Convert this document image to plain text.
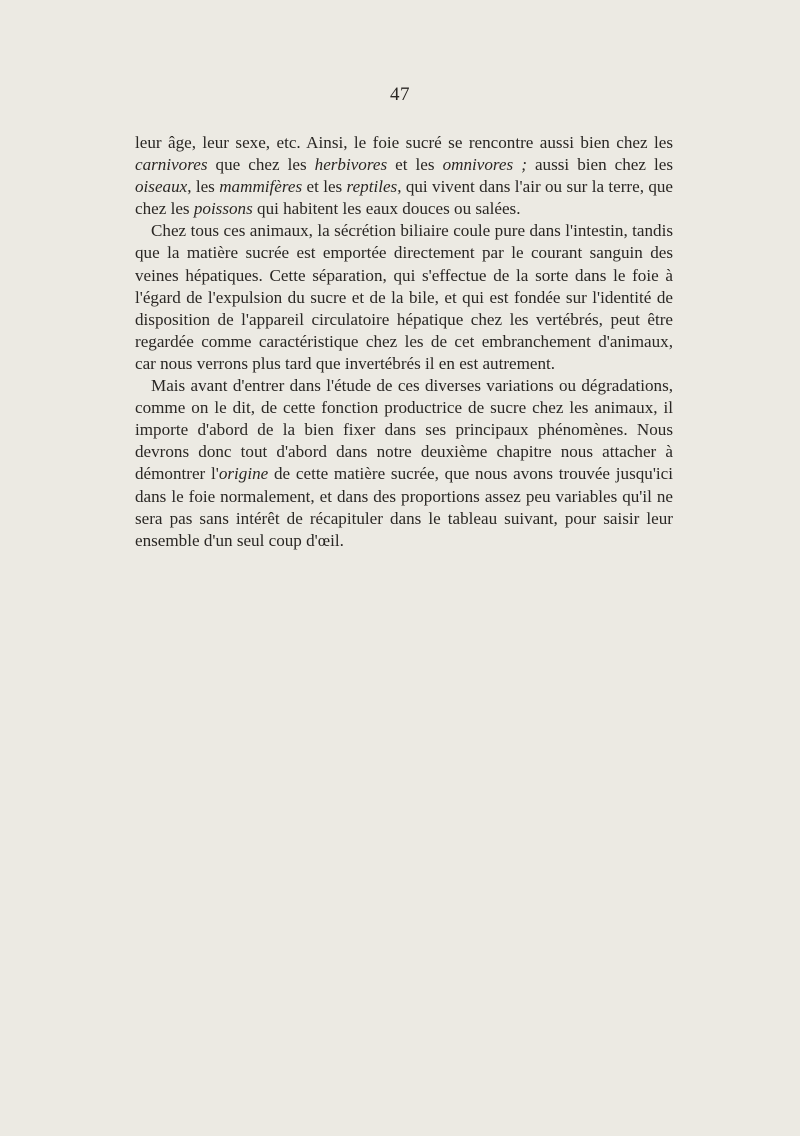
47

leur âge, leur sexe, etc. Ainsi, le foie sucré se rencontre aussi bien chez les carnivores que chez les herbivores et les omnivores ; aussi bien chez les oiseaux, les mammifères et les reptiles, qui vivent dans l'air ou sur la terre, que chez les poissons qui habitent les eaux douces ou salées.

Chez tous ces animaux, la sécrétion biliaire coule pure dans l'intestin, tandis que la matière sucrée est emportée directement par le courant sanguin des veines hépatiques. Cette séparation, qui s'effectue de la sorte dans le foie à l'égard de l'expulsion du sucre et de la bile, et qui est fondée sur l'identité de disposition de l'appareil circulatoire hépatique chez les vertébrés, peut être regardée comme caractéristique chez les de cet embranchement d'animaux, car nous verrons plus tard que invertébrés il en est autrement.

Mais avant d'entrer dans l'étude de ces diverses variations ou dégradations, comme on le dit, de cette fonction productrice de sucre chez les animaux, il importe d'abord de la bien fixer dans ses principaux phénomènes. Nous devrons donc tout d'abord dans notre deuxième chapitre nous attacher à démontrer l'origine de cette matière sucrée, que nous avons trouvée jusqu'ici dans le foie normalement, et dans des proportions assez peu variables qu'il ne sera pas sans intérêt de récapituler dans le tableau suivant, pour saisir leur ensemble d'un seul coup d'œil.
